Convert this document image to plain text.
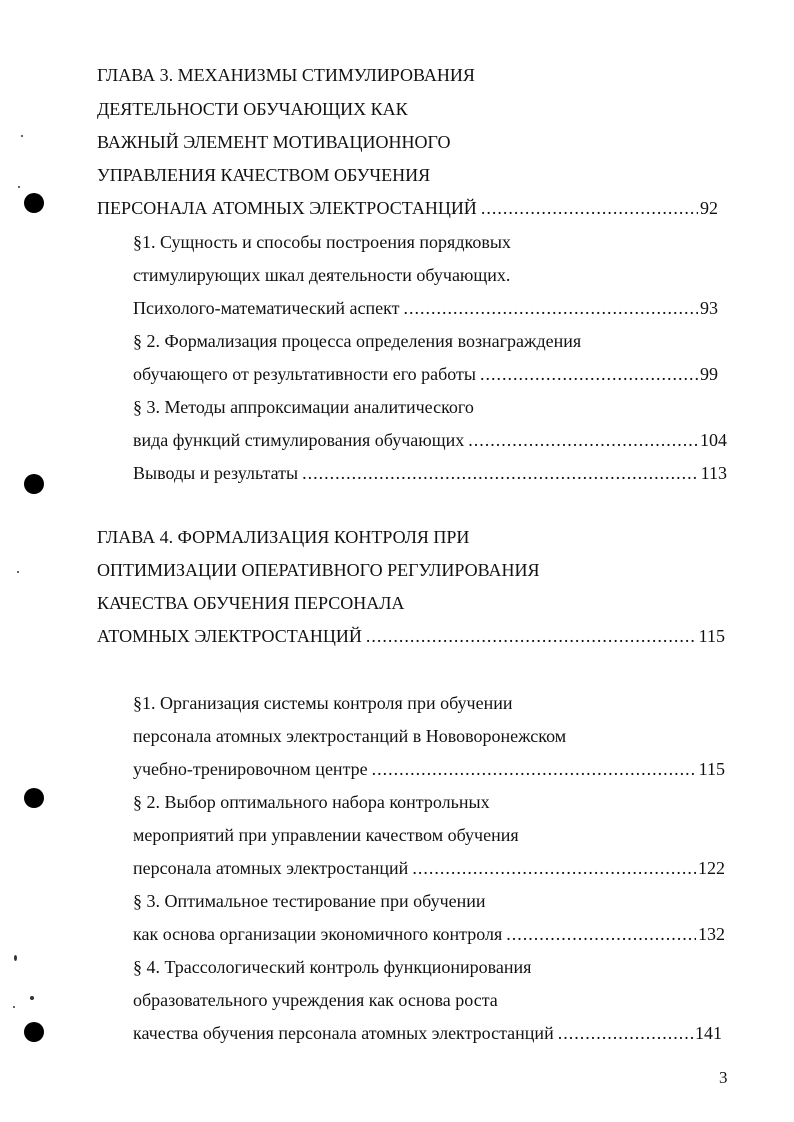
ГЛАВА 3. МЕХАНИЗМЫ СТИМУЛИРОВАНИЯ
ДЕЯТЕЛЬНОСТИ ОБУЧАЮЩИХ КАК
ВАЖНЫЙ ЭЛЕМЕНТ МОТИВАЦИОННОГО
УПРАВЛЕНИЯ КАЧЕСТВОМ ОБУЧЕНИЯ
ПЕРСОНАЛА АТОМНЫХ ЭЛЕКТРОСТАНЦИЙ .....	92
§1. Сущность и способы построения порядковых
стимулирующих шкал деятельности обучающих.
Психолого-математический аспект .....	93
§ 2. Формализация процесса определения вознаграждения
обучающего от результативности его работы .....	99
§ 3. Методы аппроксимации аналитического
вида функций стимулирования обучающих .....	104
Выводы и результаты .....	113
ГЛАВА 4. ФОРМАЛИЗАЦИЯ КОНТРОЛЯ ПРИ
ОПТИМИЗАЦИИ ОПЕРАТИВНОГО РЕГУЛИРОВАНИЯ
КАЧЕСТВА ОБУЧЕНИЯ ПЕРСОНАЛА
АТОМНЫХ ЭЛЕКТРОСТАНЦИЙ .....	115
§1. Организация системы контроля при обучении
персонала атомных электростанций в Нововоронежском
учебно-тренировочном центре .....	115
§ 2. Выбор оптимального набора контрольных
мероприятий при управлении качеством обучения
персонала атомных электростанций .....	122
§ 3. Оптимальное тестирование при обучении
как основа организации экономичного контроля .....	132
§ 4. Трассологический контроль функционирования
образовательного учреждения как основа роста
качества обучения персонала атомных электростанций .....	141
3
